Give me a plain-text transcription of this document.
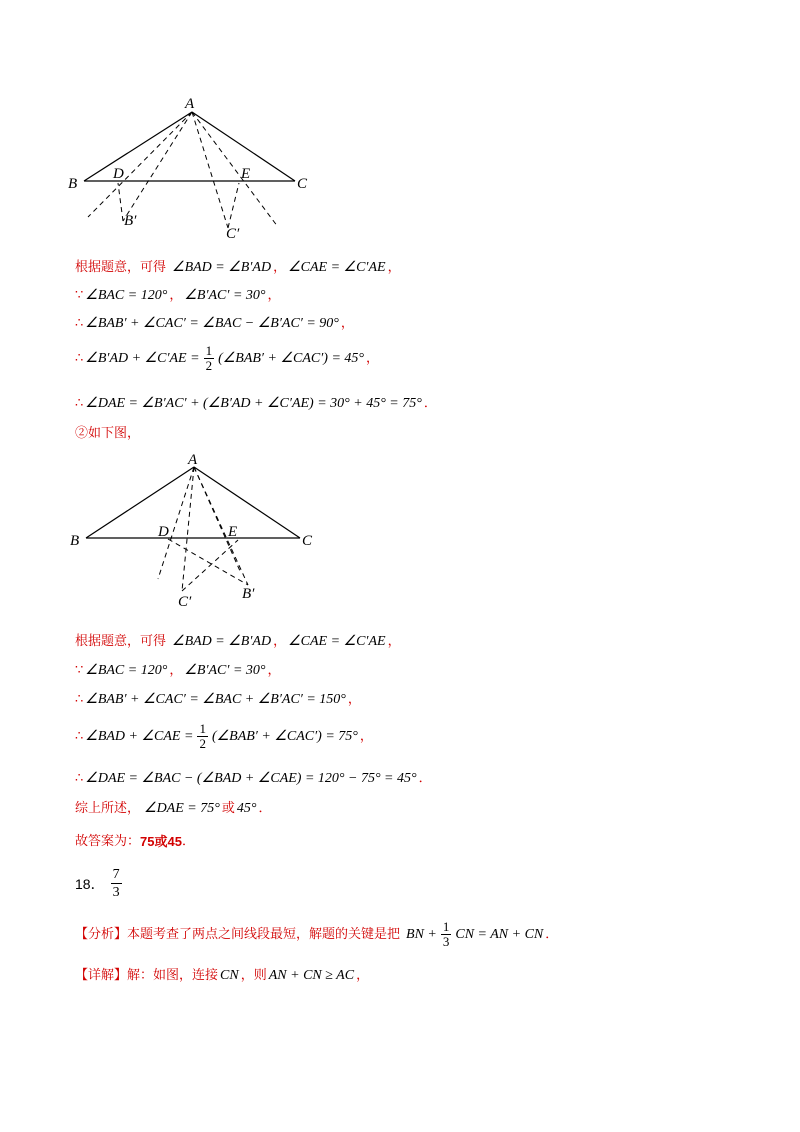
A
B	C
D	E
B′
C′
根据题意，可得 ∠BAD = ∠B′AD ， ∠CAE = ∠C′AE ，
∵ ∠BAC = 120° ， ∠B′AC′ = 30° ，
∴ ∠BAB′ + ∠CAC′ = ∠BAC − ∠B′AC′ = 90° ，
∴ ∠B′AD + ∠C′AE = $\frac{1}{2}$ (∠BAB′ + ∠CAC′) = 45° ，
∴ ∠DAE = ∠B′AC′ + (∠B′AD + ∠C′AE) = 30° + 45° = 75° ．
②如下图，
A
B	C
D	E
B′
C′
根据题意，可得 ∠BAD = ∠B′AD ， ∠CAE = ∠C′AE ，
∵ ∠BAC = 120° ， ∠B′AC′ = 30° ，
∴ ∠BAB′ + ∠CAC′ = ∠BAC + ∠B′AC′ = 150° ，
∴ ∠BAD + ∠CAE = $\frac{1}{2}$ (∠BAB′ + ∠CAC′) = 75° ，
∴ ∠DAE = ∠BAC − (∠BAD + ∠CAE) = 120° − 75° = 45° ．
综上所述， ∠DAE = 75° 或 45° ．
故答案为： 75或45 ．
18． $\frac{7}{3}$
【分析】 本题考查了两点之间线段最短，解题的关键是把 BN + $\frac{1}{3}$ CN = AN + CN ．
【详解】 解：如图，连接 CN ，则 AN + CN ≥ AC ，
